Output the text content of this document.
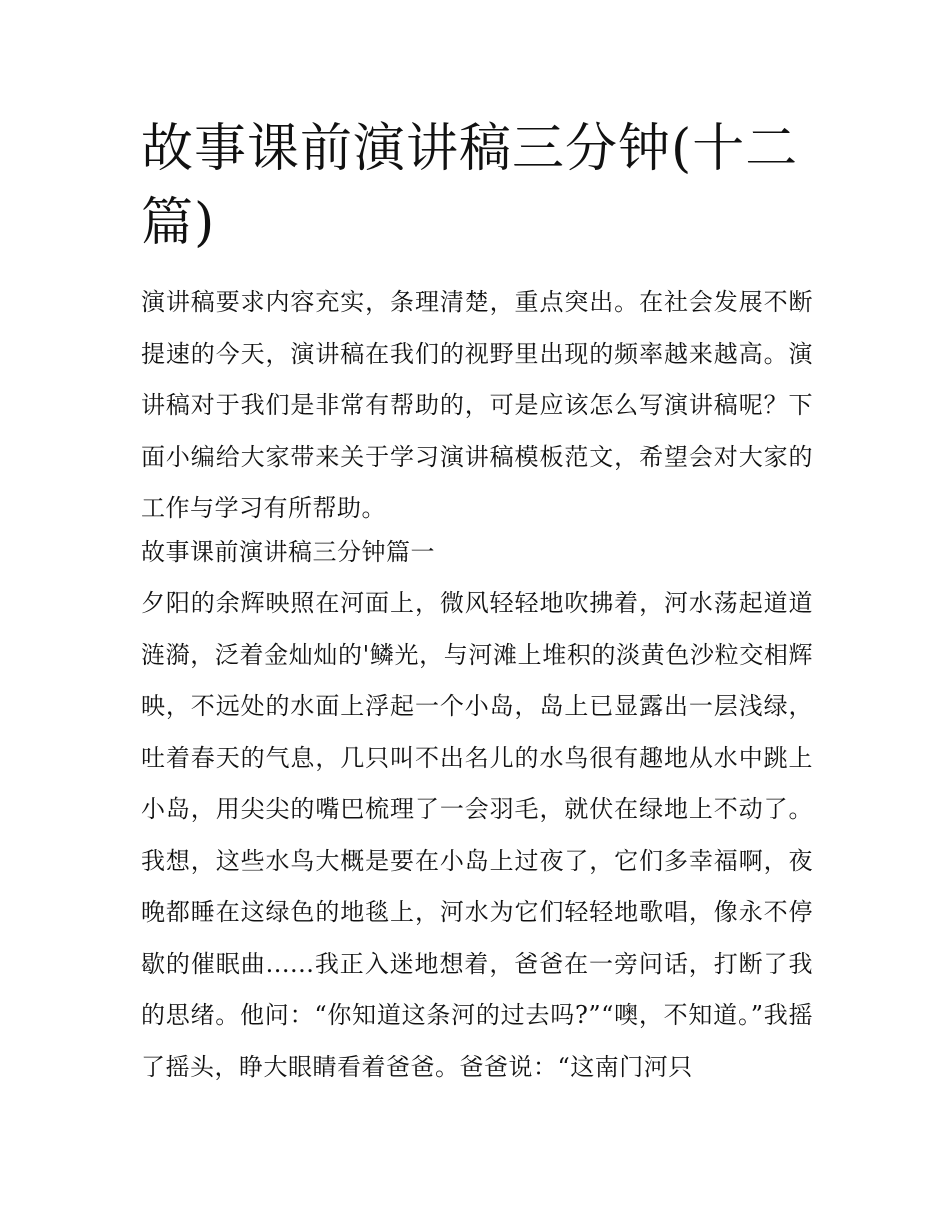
故事课前演讲稿三分钟(十二篇)

演讲稿要求内容充实，条理清楚，重点突出。在社会发展不断提速的今天，演讲稿在我们的视野里出现的频率越来越高。演讲稿对于我们是非常有帮助的，可是应该怎么写演讲稿呢？下面小编给大家带来关于学习演讲稿模板范文，希望会对大家的工作与学习有所帮助。

故事课前演讲稿三分钟篇一

夕阳的余辉映照在河面上，微风轻轻地吹拂着，河水荡起道道涟漪，泛着金灿灿的'鳞光，与河滩上堆积的淡黄色沙粒交相辉映，不远处的水面上浮起一个小岛，岛上已显露出一层浅绿，吐着春天的气息，几只叫不出名儿的水鸟很有趣地从水中跳上小岛，用尖尖的嘴巴梳理了一会羽毛，就伏在绿地上不动了。我想，这些水鸟大概是要在小岛上过夜了，它们多幸福啊，夜晚都睡在这绿色的地毯上，河水为它们轻轻地歌唱，像永不停歇的催眠曲......我正入迷地想着，爸爸在一旁问话，打断了我的思绪。他问：“你知道这条河的过去吗?”“噢，不知道。”我摇了摇头，睁大眼睛看着爸爸。爸爸说：“这南门河只
